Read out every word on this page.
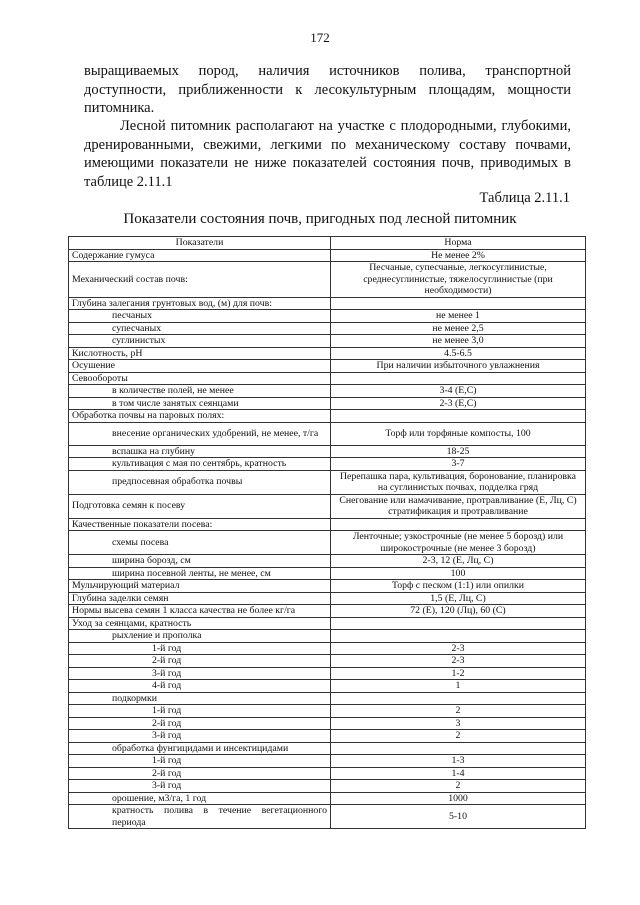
172

выращиваемых пород, наличия источников полива, транспортной доступности, приближенности к лесокультурным площадям, мощности питомника.

Лесной питомник располагают на участке с плодородными, глубокими, дренированными, свежими, легкими по механическому составу почвами, имеющими показатели не ниже показателей состояния почв, приводимых в таблице 2.11.1

Таблица 2.11.1
Показатели состояния почв, пригодных под лесной питомник
Показатели	Норма

Содержание гумуса	Не менее 2%

Механический состав почв:	Песчаные, супесчаные, легкосуглинистые, среднесуглинистые, тяжелосуглинистые (при необходимости)

Глубина залегания грунтовых вод, (м) для почв:	

песчаных	не менее 1

супесчаных	не менее 2,5

суглинистых	не менее 3,0

Кислотность, pH	4.5-6.5

Осушение	При наличии избыточного увлажнения

Севообороты	

в количестве полей, не менее	3-4 (Е,С)

в том числе занятых сеянцами	2-3 (Е,С)

Обработка почвы на паровых полях:	

внесение органических удобрений, не менее, т/га	Торф или торфяные компосты, 100

вспашка на глубину	18-25

культивация с мая по сентябрь, кратность	3-7

предпосевная обработка почвы	Перепашка пара, культивация, боронование, планировка на суглинистых почвах, подделка гряд

Подготовка семян к посеву	Снегование или намачивание, протравливание (Е, Лц, С) стратификация и протравливание

Качественные показатели посева:	

схемы посева	Ленточные; узкострочные (не менее 5 борозд) или широкострочные (не менее 3 борозд)

ширина борозд, см	2-3, 12 (Е, Лц, С)

ширина посевной ленты, не менее, см	100

Мульчирующий материал	Торф с песком (1:1) или опилки

Глубина заделки семян	1,5 (Е, Лц, С)

Нормы высева семян 1 класса качества не более кг/га	72 (Е), 120 (Лц), 60 (С)

Уход за сеянцами, кратность	

рыхление и прополка	

1-й год	2-3

2-й год	2-3

3-й год	1-2

4-й год	1

подкормки	

1-й год	2

2-й год	3

3-й год	2

обработка фунгицидами и инсектицидами	

1-й год	1-3

2-й год	1-4

3-й год	2

орошение, м3/га, 1 год	1000

кратность полива в течение вегетационного периода	5-10
